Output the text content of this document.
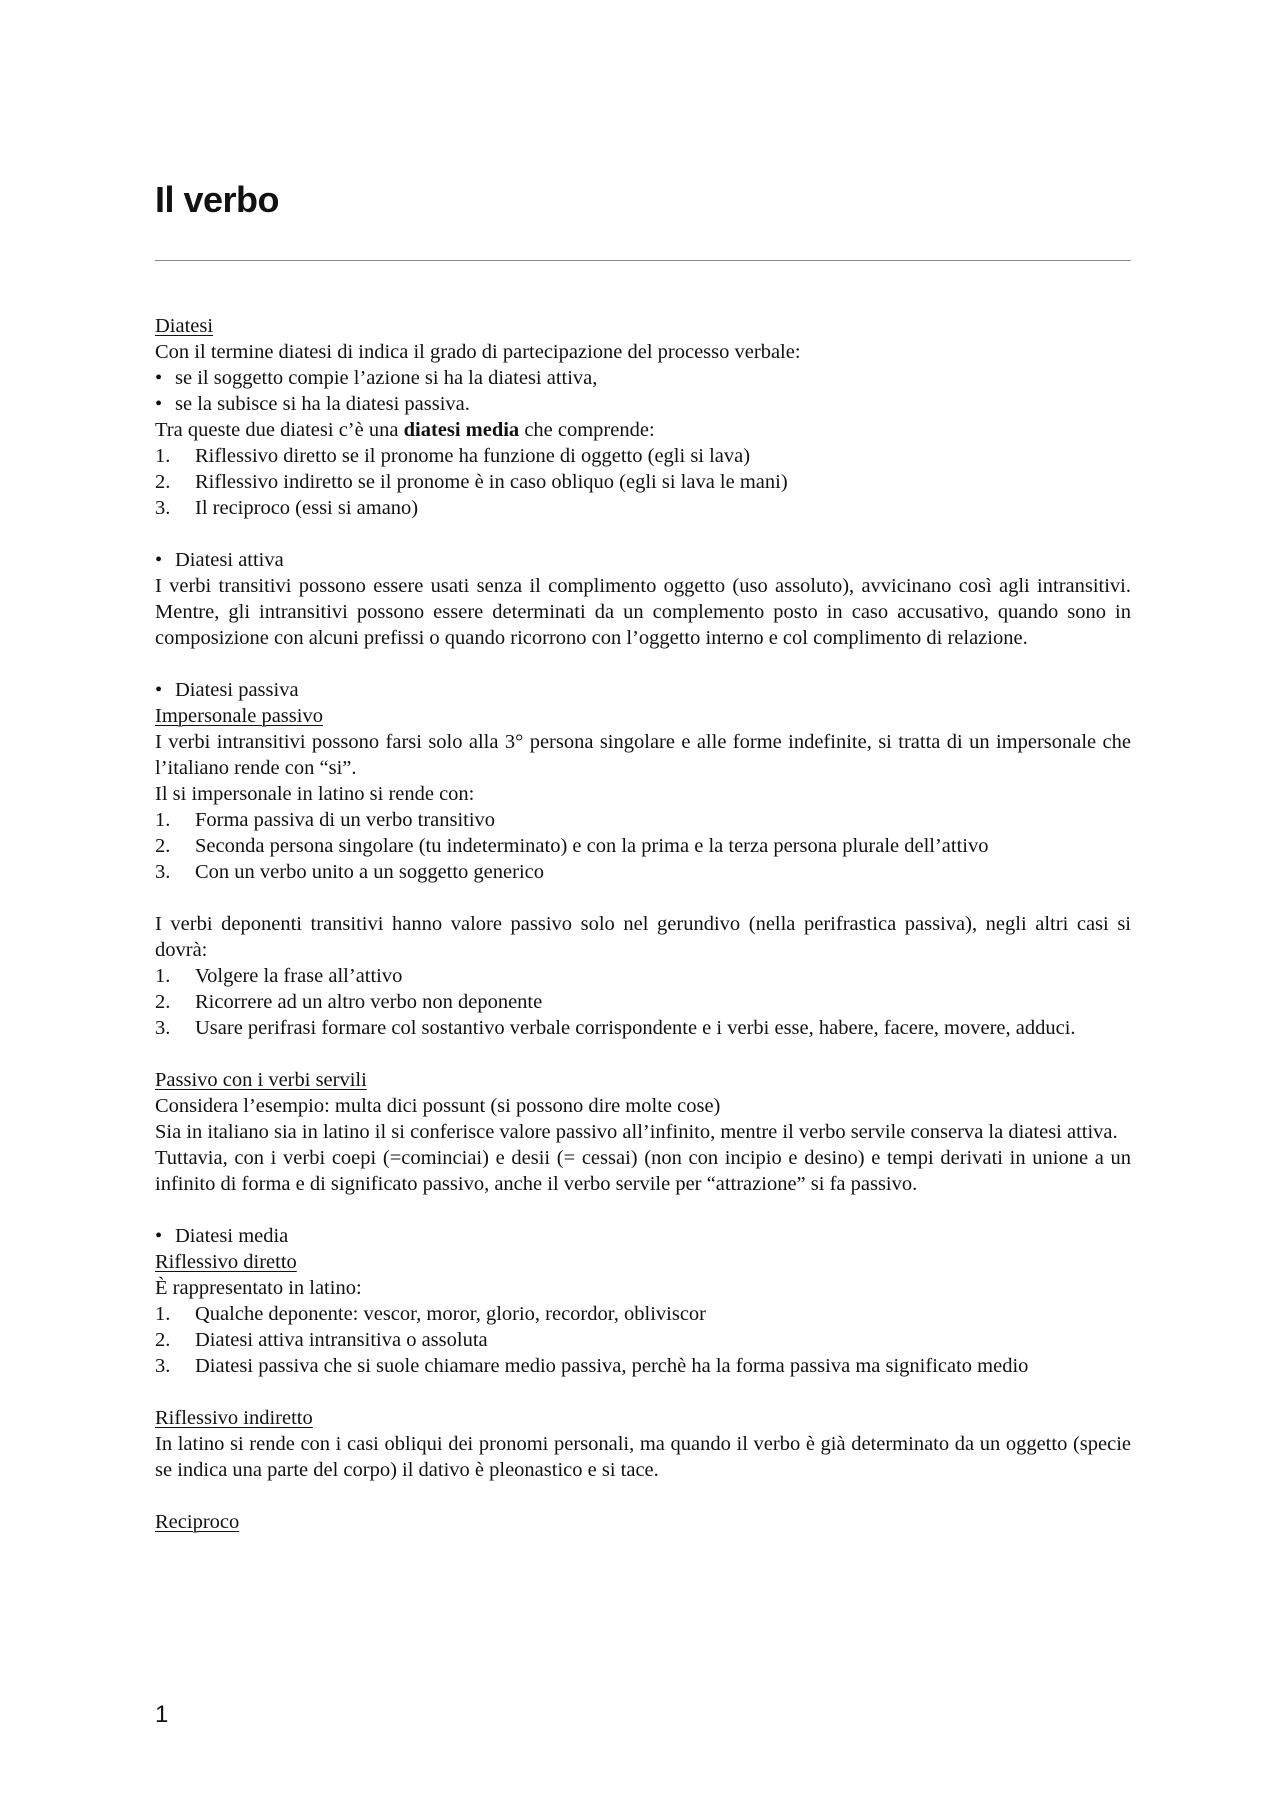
Il verbo

Diatesi

Con il termine diatesi di indica il grado di partecipazione del processo verbale:

• se il soggetto compie l’azione si ha la diatesi attiva,
• se la subisce si ha la diatesi passiva.

Tra queste due diatesi c’è una diatesi media che comprende:

1. Riflessivo diretto se il pronome ha funzione di oggetto (egli si lava)
2. Riflessivo indiretto se il pronome è in caso obliquo (egli si lava le mani)
3. Il reciproco (essi si amano)
• Diatesi attiva

I verbi transitivi possono essere usati senza il complimento oggetto (uso assoluto), avvicinano così agli intransitivi. Mentre, gli intransitivi possono essere determinati da un complemento posto in caso accusativo, quando sono in composizione con alcuni prefissi o quando ricorrono con l’oggetto interno e col complimento di relazione.

• Diatesi passiva

Impersonale passivo

I verbi intransitivi possono farsi solo alla 3° persona singolare e alle forme indefinite, si tratta di un impersonale che l’italiano rende con “si”.

Il si impersonale in latino si rende con:

1. Forma passiva di un verbo transitivo
2. Seconda persona singolare (tu indeterminato) e con la prima e la terza persona plurale dell’attivo
3. Con un verbo unito a un soggetto generico

I verbi deponenti transitivi hanno valore passivo solo nel gerundivo (nella perifrastica passiva), negli altri casi si dovrà:

1. Volgere la frase all’attivo
2. Ricorrere ad un altro verbo non deponente
3. Usare perifrasi formare col sostantivo verbale corrispondente e i verbi esse, habere, facere, movere, adduci.

Passivo con i verbi servili

Considera l’esempio: multa dici possunt (si possono dire molte cose)

Sia in italiano sia in latino il si conferisce valore passivo all’infinito, mentre il verbo servile conserva la diatesi attiva.

Tuttavia, con i verbi coepi (=cominciai) e desii (= cessai) (non con incipio e desino) e tempi derivati in unione a un infinito di forma e di significato passivo, anche il verbo servile per “attrazione” si fa passivo.

• Diatesi media

Riflessivo diretto

È rappresentato in latino:

1. Qualche deponente: vescor, moror, glorio, recordor, obliviscor
2. Diatesi attiva intransitiva o assoluta
3. Diatesi passiva che si suole chiamare medio passiva, perchè ha la forma passiva ma significato medio

Riflessivo indiretto

In latino si rende con i casi obliqui dei pronomi personali, ma quando il verbo è già determinato da un oggetto (specie se indica una parte del corpo) il dativo è pleonastico e si tace.

Reciproco

1
